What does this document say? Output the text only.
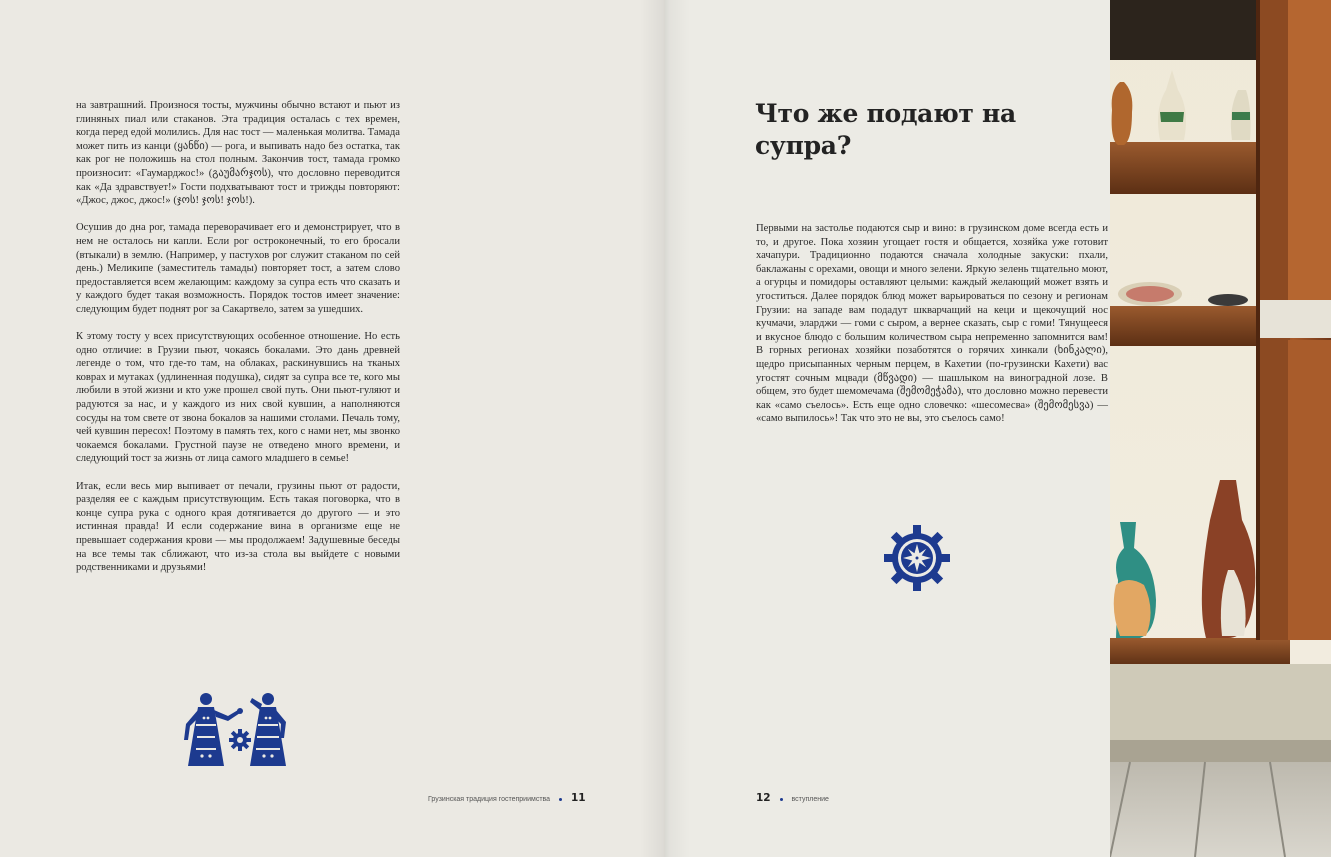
на завтрашний. Произнося тосты, мужчины обычно встают и пьют из глиняных пиал или стаканов. Эта традиция осталась с тех времен, когда перед едой молились. Для нас тост — маленькая молитва. Тамада может пить из канци (ყანწი) — рога, и выпивать надо без остатка, так как рог не положишь на стол полным. Закончив тост, тамада громко произносит: «Гаумарджос!» (გაუმარჯოს), что дословно переводится как «Да здравствует!» Гости подхватывают тост и трижды повторяют: «Джос, джос, джос!» (ჯოს! ჯოს! ჯოს!).

Осушив до дна рог, тамада переворачивает его и демонстрирует, что в нем не осталось ни капли. Если рог остроконечный, то его бросали (втыкали) в землю. (Например, у пастухов рог служит стаканом по сей день.) Меликипе (заместитель тамады) повторяет тост, а затем слово предоставляется всем желающим: каждому за супра есть что сказать и у каждого будет такая возможность. Порядок тостов имеет значение: следующим будет поднят рог за Сакартвело, затем за ушедших.

К этому тосту у всех присутствующих особенное отношение. Но есть одно отличие: в Грузии пьют, чокаясь бокалами. Это дань древней легенде о том, что где-то там, на облаках, раскинувшись на тканых коврах и мутаках (удлиненная подушка), сидят за супра все те, кого мы любили в этой жизни и кто уже прошел свой путь. Они пьют-гуляют и радуются за нас, и у каждого из них свой кувшин, а наполняются сосуды на том свете от звона бокалов за нашими столами. Печаль тому, чей кувшин пересох! Поэтому в память тех, кого с нами нет, мы звонко чокаемся бокалами. Грустной паузе не отведено много времени, и следующий тост за жизнь от лица самого младшего в семье!

Итак, если весь мир выпивает от печали, грузины пьют от радости, разделяя ее с каждым присутствующим. Есть такая поговорка, что в конце супра рука с одного края дотягивается до другого — и это истинная правда! И если содержание вина в организме еще не превышает содержания крови — мы продолжаем! Задушевные беседы на все темы так сближают, что из-за стола вы выйдете с новыми родственниками и друзьями!

Грузинская традиция гостеприимства 11
Что же подают на супра?

Первыми на застолье подаются сыр и вино: в грузинском доме всегда есть и то, и другое. Пока хозяин угощает гостя и общается, хозяйка уже готовит хачапури. Традиционно подаются сначала холодные закуски: пхали, баклажаны с орехами, овощи и много зелени. Яркую зелень тщательно моют, а огурцы и помидоры оставляют целыми: каждый желающий может взять и угоститься. Далее порядок блюд может варьироваться по сезону и регионам Грузии: на западе вам подадут шкварчащий на кеци и щекочущий нос кучмачи, эларджи — гоми с сыром, а вернее сказать, сыр с гоми! Тянущееся и вкусное блюдо с большим количеством сыра непременно запомнится вам! В горных регионах хозяйки позаботятся о горячих хинкали (ხინკალი), щедро присыпанных черным перцем, в Кахетии (по-грузински Кахети) вас угостят сочным мцвади (მწვადი) — шашлыком на виноградной лозе. В общем, это будет шемомечама (შემომეჭამა), что дословно можно перевести как «само съелось». Есть еще одно словечко: «шесомесва» (შემომესვა) — «само выпилось»! Так что это не вы, это съелось само!

12	вступление
